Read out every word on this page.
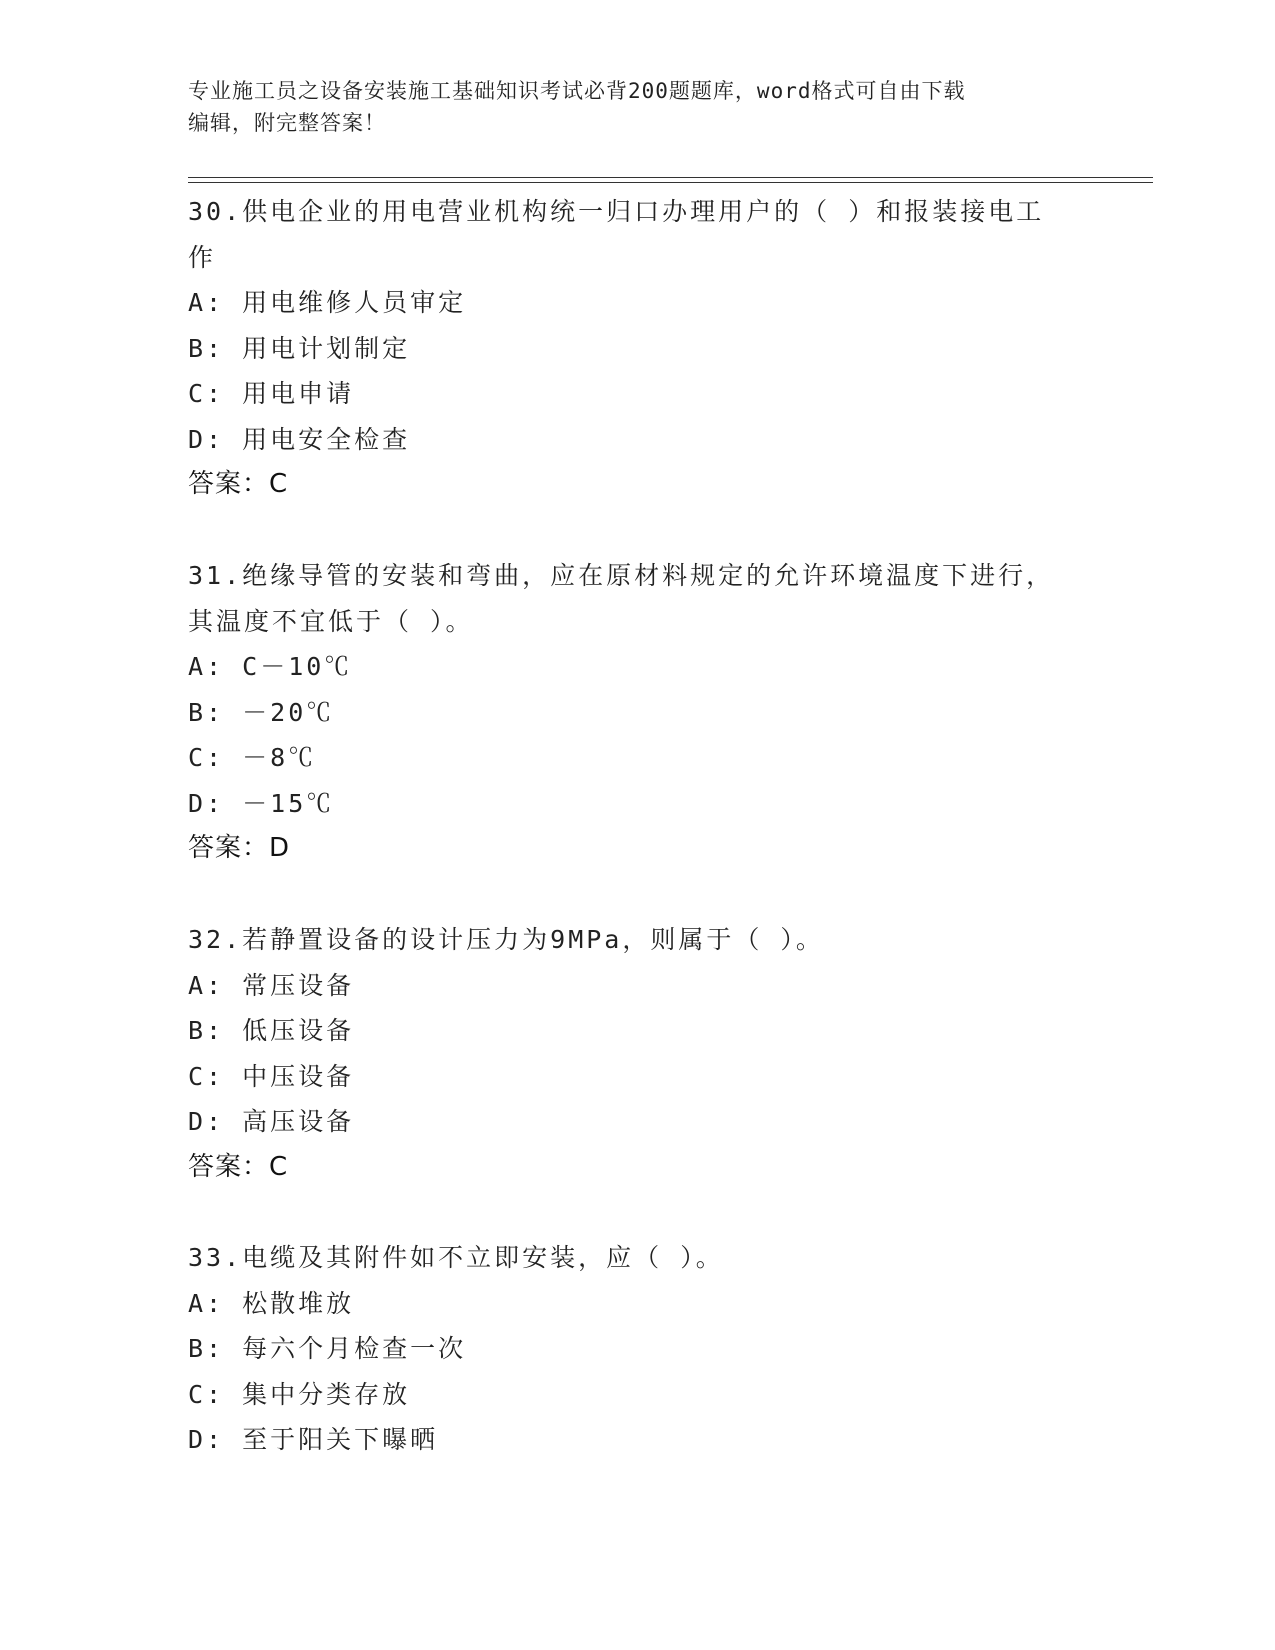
专业施工员之设备安装施工基础知识考试必背200题题库，word格式可自由下载
编辑，附完整答案！
30.供电企业的用电营业机构统一归口办理用户的（ ）和报装接电工
作
A: 用电维修人员审定
B: 用电计划制定
C: 用电申请
D: 用电安全检查
答案：C
31.绝缘导管的安装和弯曲，应在原材料规定的允许环境温度下进行，
其温度不宜低于（ ）。
A: C－10℃
B: －20℃
C: －8℃
D: －15℃
答案：D
32.若静置设备的设计压力为9MPa，则属于（ ）。
A: 常压设备
B: 低压设备
C: 中压设备
D: 高压设备
答案：C
33.电缆及其附件如不立即安装，应（ ）。
A: 松散堆放
B: 每六个月检查一次
C: 集中分类存放
D: 至于阳关下曝晒
